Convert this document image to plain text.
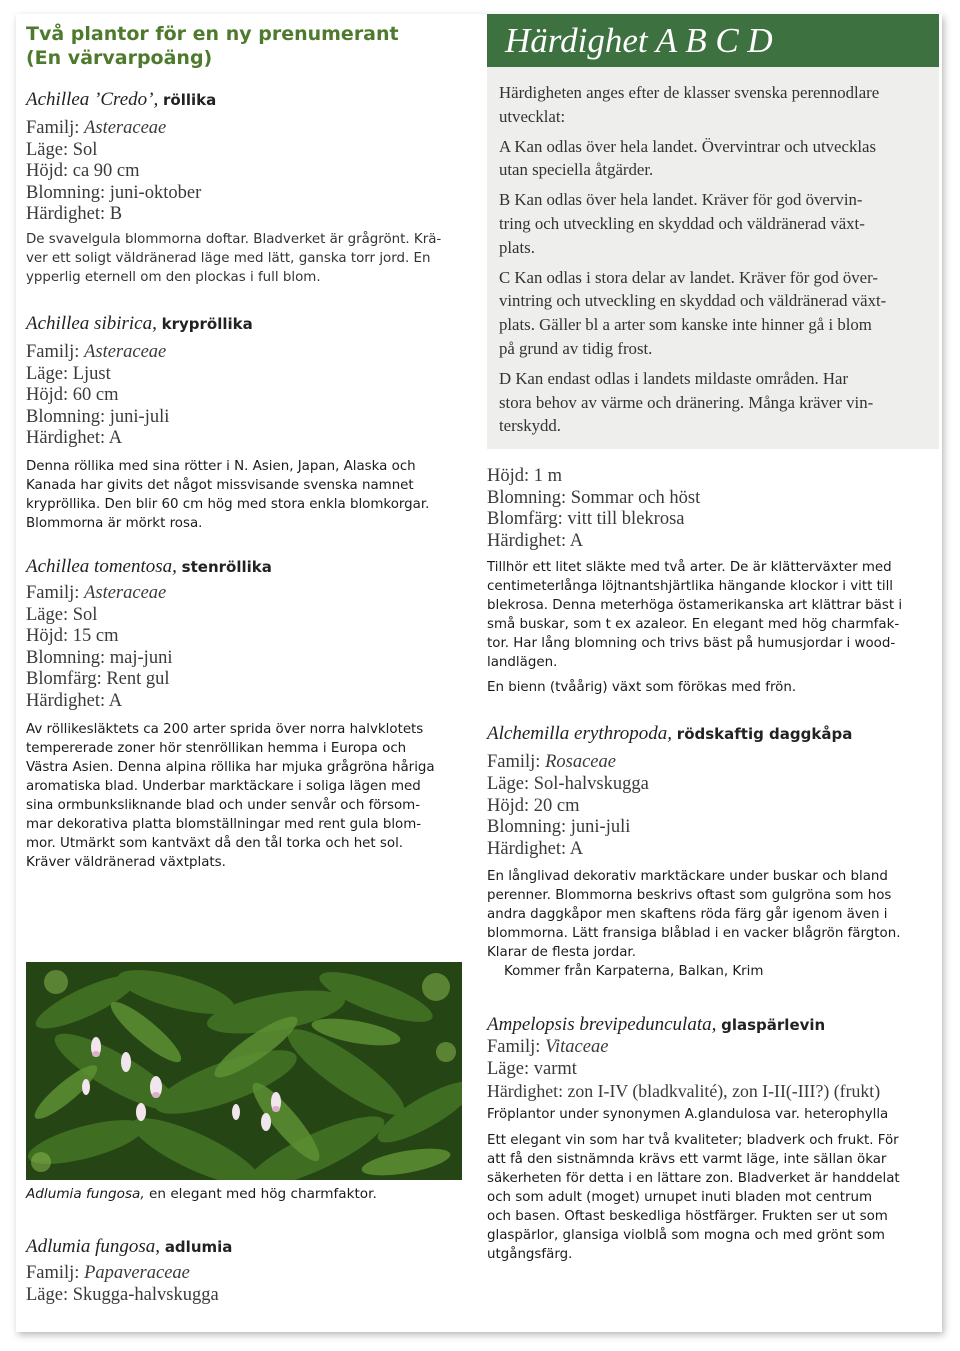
Två plantor för en ny prenumerant
(En värvarpoäng)

Achillea ’Credo’, röllika

Familj: Asteraceae
Läge: Sol
Höjd: ca 90 cm
Blomning: juni-oktober
Härdighet: B
De svavelgula blommorna doftar. Bladverket är grågrönt. Krä-
ver ett soligt väldränerad läge med lätt, ganska torr jord. En
ypperlig eternell om den plockas i full blom.

Achillea sibirica, krypröllika

Familj: Asteraceae
Läge: Ljust
Höjd: 60 cm
Blomning: juni-juli
Härdighet: A
Denna röllika med sina rötter i N. Asien, Japan, Alaska och
Kanada har givits det något missvisande svenska namnet
krypröllika. Den blir 60 cm hög med stora enkla blomkorgar.
Blommorna är mörkt rosa.

Achillea tomentosa, stenröllika

Familj: Asteraceae
Läge: Sol
Höjd: 15 cm
Blomning: maj-juni
Blomfärg: Rent gul
Härdighet: A
Av röllikesläktets ca 200 arter sprida över norra halvklotets
tempererade zoner hör stenröllikan hemma i Europa och
Västra Asien. Denna alpina röllika har mjuka grågröna håriga
aromatiska blad. Underbar marktäckare i soliga lägen med
sina ormbunksliknande blad och under senvår och försom-
mar dekorativa platta blomställningar med rent gula blom-
mor. Utmärkt som kantväxt då den tål torka och het sol.
Kräver väldränerad växtplats.
Adlumia fungosa, en elegant med hög charmfaktor.

Adlumia fungosa, adlumia

Familj: Papaveraceae
Läge: Skugga-halvskugga
Härdighet A B C D

Härdigheten anges efter de klasser svenska perennodlare
utvecklat:

A Kan odlas över hela landet. Övervintrar och utvecklas
utan speciella åtgärder.

B Kan odlas över hela landet. Kräver för god övervin-
tring och utveckling en skyddad och väldränerad växt-
plats.

C Kan odlas i stora delar av landet. Kräver för god över-
vintring och utveckling en skyddad och väldränerad växt-
plats. Gäller bl a arter som kanske inte hinner gå i blom
på grund av tidig frost.

D Kan endast odlas i landets mildaste områden. Har
stora behov av värme och dränering. Många kräver vin-
terskydd.

Höjd: 1 m
Blomning: Sommar och höst
Blomfärg: vitt till blekrosa
Härdighet: A
Tillhör ett litet släkte med två arter. De är klätterväxter med
centimeterlånga löjtnantshjärtlika hängande klockor i vitt till
blekrosa. Denna meterhöga östamerikanska art klättrar bäst i
små buskar, som t ex azaleor. En elegant med hög charmfak-
tor. Har lång blomning och trivs bäst på humusjordar i wood-
landlägen.
En bienn (tvåårig) växt som förökas med frön.

Alchemilla erythropoda, rödskaftig daggkåpa

Familj: Rosaceae
Läge: Sol-halvskugga
Höjd: 20 cm
Blomning: juni-juli
Härdighet: A
En långlivad dekorativ marktäckare under buskar och bland
perenner. Blommorna beskrivs oftast som gulgröna som hos
andra daggkåpor men skaftens röda färg går igenom även i
blommorna. Lätt fransiga blåblad i en vacker blågrön färgton.
Klarar de flesta jordar.
Kommer från Karpaterna, Balkan, Krim

Ampelopsis brevipedunculata, glaspärlevin

Familj: Vitaceae
Läge: varmt
Härdighet: zon I-IV (bladkvalité), zon I-II(-III?) (frukt)
Fröplantor under synonymen A.glandulosa var. heterophylla
Ett elegant vin som har två kvaliteter; bladverk och frukt. För
att få den sistnämnda krävs ett varmt läge, inte sällan ökar
säkerheten för detta i en lättare zon. Bladverket är handdelat
och som adult (moget) urnupet inuti bladen mot centrum
och basen. Oftast beskedliga höstfärger. Frukten ser ut som
glaspärlor, glansiga violblå som mogna och med grönt som
utgångsfärg.
